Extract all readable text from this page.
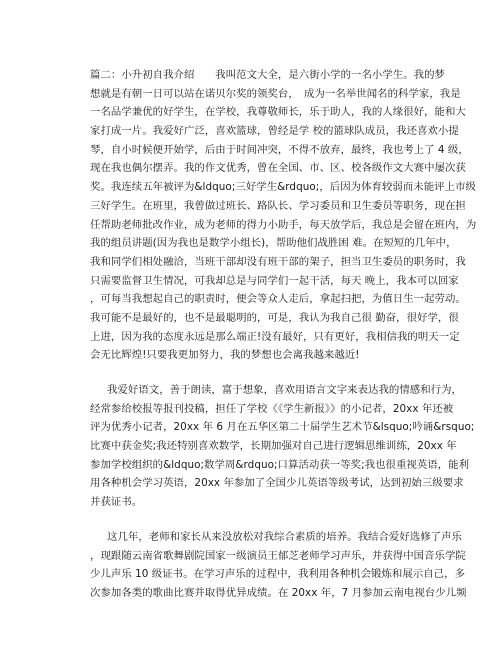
篇二：小升初自我介绍　　我叫范文大全，是六街小学的一名小学生。我的梦
想就是有朝一日可以站在诺贝尔奖的领奖台，　成为一名举世闻名的科学家，我是
一名品学兼优的好学生，在学校，我尊敬师长，乐于助人，我的人缘很好，能和大
家打成一片。我爱好广泛，喜欢篮球，曾经是学 校的篮球队成员，我还喜欢小提
琴，自小时候便开始学，后由于时间冲突，不得不放弃，最终，我也考上了 4 级，
现在我也偶尔摆弄。我的作文优秀，曾在全国、市、区、校各级作文大赛中屡次获
奖。我连续五年被评为&ldquo;三好学生&rdquo;，后因为体育较弱而未能评上市级
三好学生。在班里，我曾做过班长、路队长、学习委员和卫生委员等职务，现在担
任帮助老师批改作业，成为老师的得力小助手，每天放学后，我总是会留在班内，为
我的组员讲题(因为我也是数学小组长)，帮助他们战胜困 难。在短短的几年中，
我和同学们相处融洽，当班干部却没有班干部的架子，担当卫生委员的职务时，我
只需要监督卫生情况，可我却总是与同学们一起干活，每天 晚上，我本可以回家
，可每当我想起自己的职责时，便会等众人走后，拿起扫把，为值日生一起劳动。
我可能不是最好的，也不是最聪明的，可是，我认为我自己很 勤奋，很好学，很
上进，因为我的态度永远是那么端正!没有最好，只有更好，我相信我的明天一定
会无比辉煌!只要我更加努力，我的梦想也会离我越来越近!
我爱好语文，善于朗读，富于想象，喜欢用语言文字来表达我的情感和行为，
经常参给校报等报刊投稿，担任了学校《《学生新报》》的小记者，20xx 年还被
评为优秀小记者，20xx 年 6 月在五华区第二十届学生艺术节&lsquo;吟诵&rsquo;
比赛中获金奖;我还特别喜欢数学，长期加强对自己进行逻辑思维训练，20xx 年
参加学校组织的&ldquo;数学周&rdquo;口算活动获一等奖;我也很重视英语，能利
用各种机会学习英语，20xx 年参加了全国少儿英语等级考试，达到初始三级要求
并获证书。
这几年，老师和家长从来没放松对我综合素质的培养。我结合爱好选修了声乐
，现跟随云南省歌舞剧院国家一级演员王郁芝老师学习声乐，并获得中国音乐学院
少儿声乐 10 级证书。在学习声乐的过程中，我利用各种机会锻炼和展示自己，多
次参加各类的歌曲比赛并取得优异成绩。在 20xx 年，7 月参加云南电视台少儿频
